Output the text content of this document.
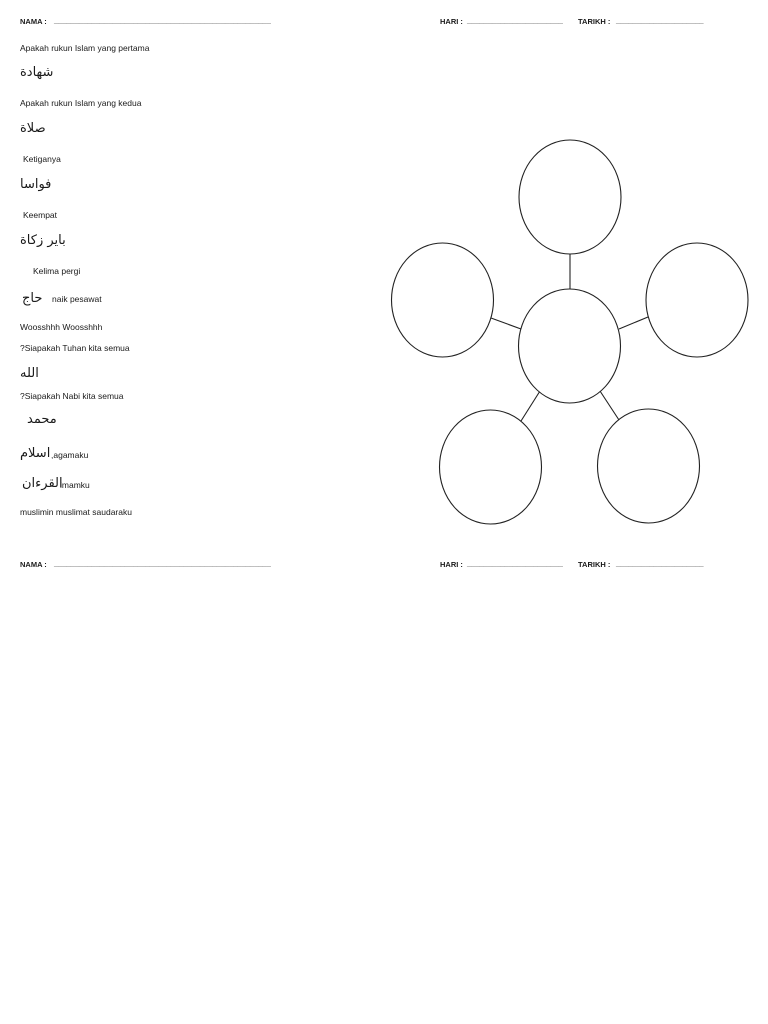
NAMA : ____________________________________________________	HARI : _______________________ TARIKH : _____________________
Apakah rukun Islam yang pertama
شهادة
Apakah rukun Islam yang kedua
صلاة
Ketiganya
فواسا
Keempat
باير زكاة
Kelima pergi
حاج naik pesawat
Woosshhh Woosshhh
?Siapakah Tuhan kita semua
الله
?Siapakah Nabi kita semua
محمد
اسلام ,agamaku
القرءان
imamku
muslimin muslimat saudaraku
NAMA : ____________________________________________________	HARI : _______________________ TARIKH : _____________________
